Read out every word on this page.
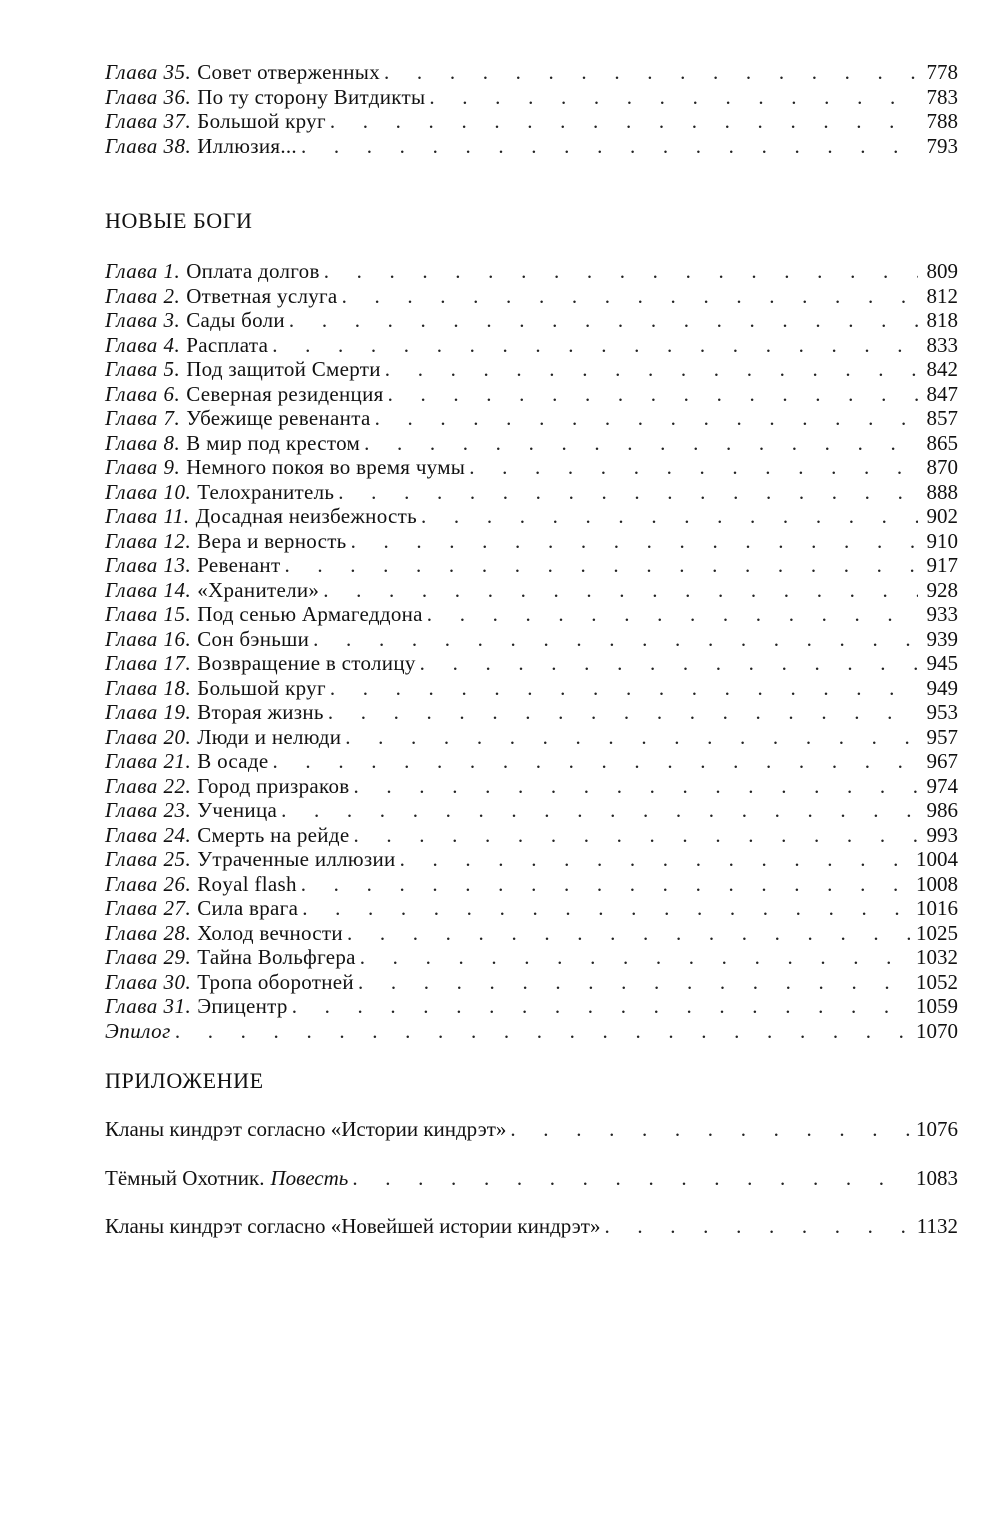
Глава 35. Совет отверженных . . .	778
Глава 36. По ту сторону Витдикты . . .	783
Глава 37. Большой круг . . .	788
Глава 38. Иллюзия... . . .	793
НОВЫЕ БОГИ
Глава 1. Оплата долгов . . .	809
Глава 2. Ответная услуга . . .	812
Глава 3. Сады боли . . .	818
Глава 4. Расплата . . .	833
Глава 5. Под защитой Смерти . . .	842
Глава 6. Северная резиденция . . .	847
Глава 7. Убежище ревенанта . . .	857
Глава 8. В мир под крестом . . .	865
Глава 9. Немного покоя во время чумы . . .	870
Глава 10. Телохранитель . . .	888
Глава 11. Досадная неизбежность . . .	902
Глава 12. Вера и верность . . .	910
Глава 13. Ревенант . . .	917
Глава 14. «Хранители» . . .	928
Глава 15. Под сенью Армагеддона . . .	933
Глава 16. Сон бэньши . . .	939
Глава 17. Возвращение в столицу . . .	945
Глава 18. Большой круг . . .	949
Глава 19. Вторая жизнь . . .	953
Глава 20. Люди и нелюди . . .	957
Глава 21. В осаде . . .	967
Глава 22. Город призраков . . .	974
Глава 23. Ученица . . .	986
Глава 24. Смерть на рейде . . .	993
Глава 25. Утраченные иллюзии . . .	1004
Глава 26. Royal flash . . .	1008
Глава 27. Сила врага . . .	1016
Глава 28. Холод вечности . . .	1025
Глава 29. Тайна Вольфгера . . .	1032
Глава 30. Тропа оборотней . . .	1052
Глава 31. Эпицентр . . .	1059
Эпилог . . .	1070
ПРИЛОЖЕНИЕ
Кланы киндрэт согласно «Истории киндрэт» . . .	1076
Тёмный Охотник. Повесть . . .	1083
Кланы киндрэт согласно «Новейшей истории киндрэт» . . .	1132
